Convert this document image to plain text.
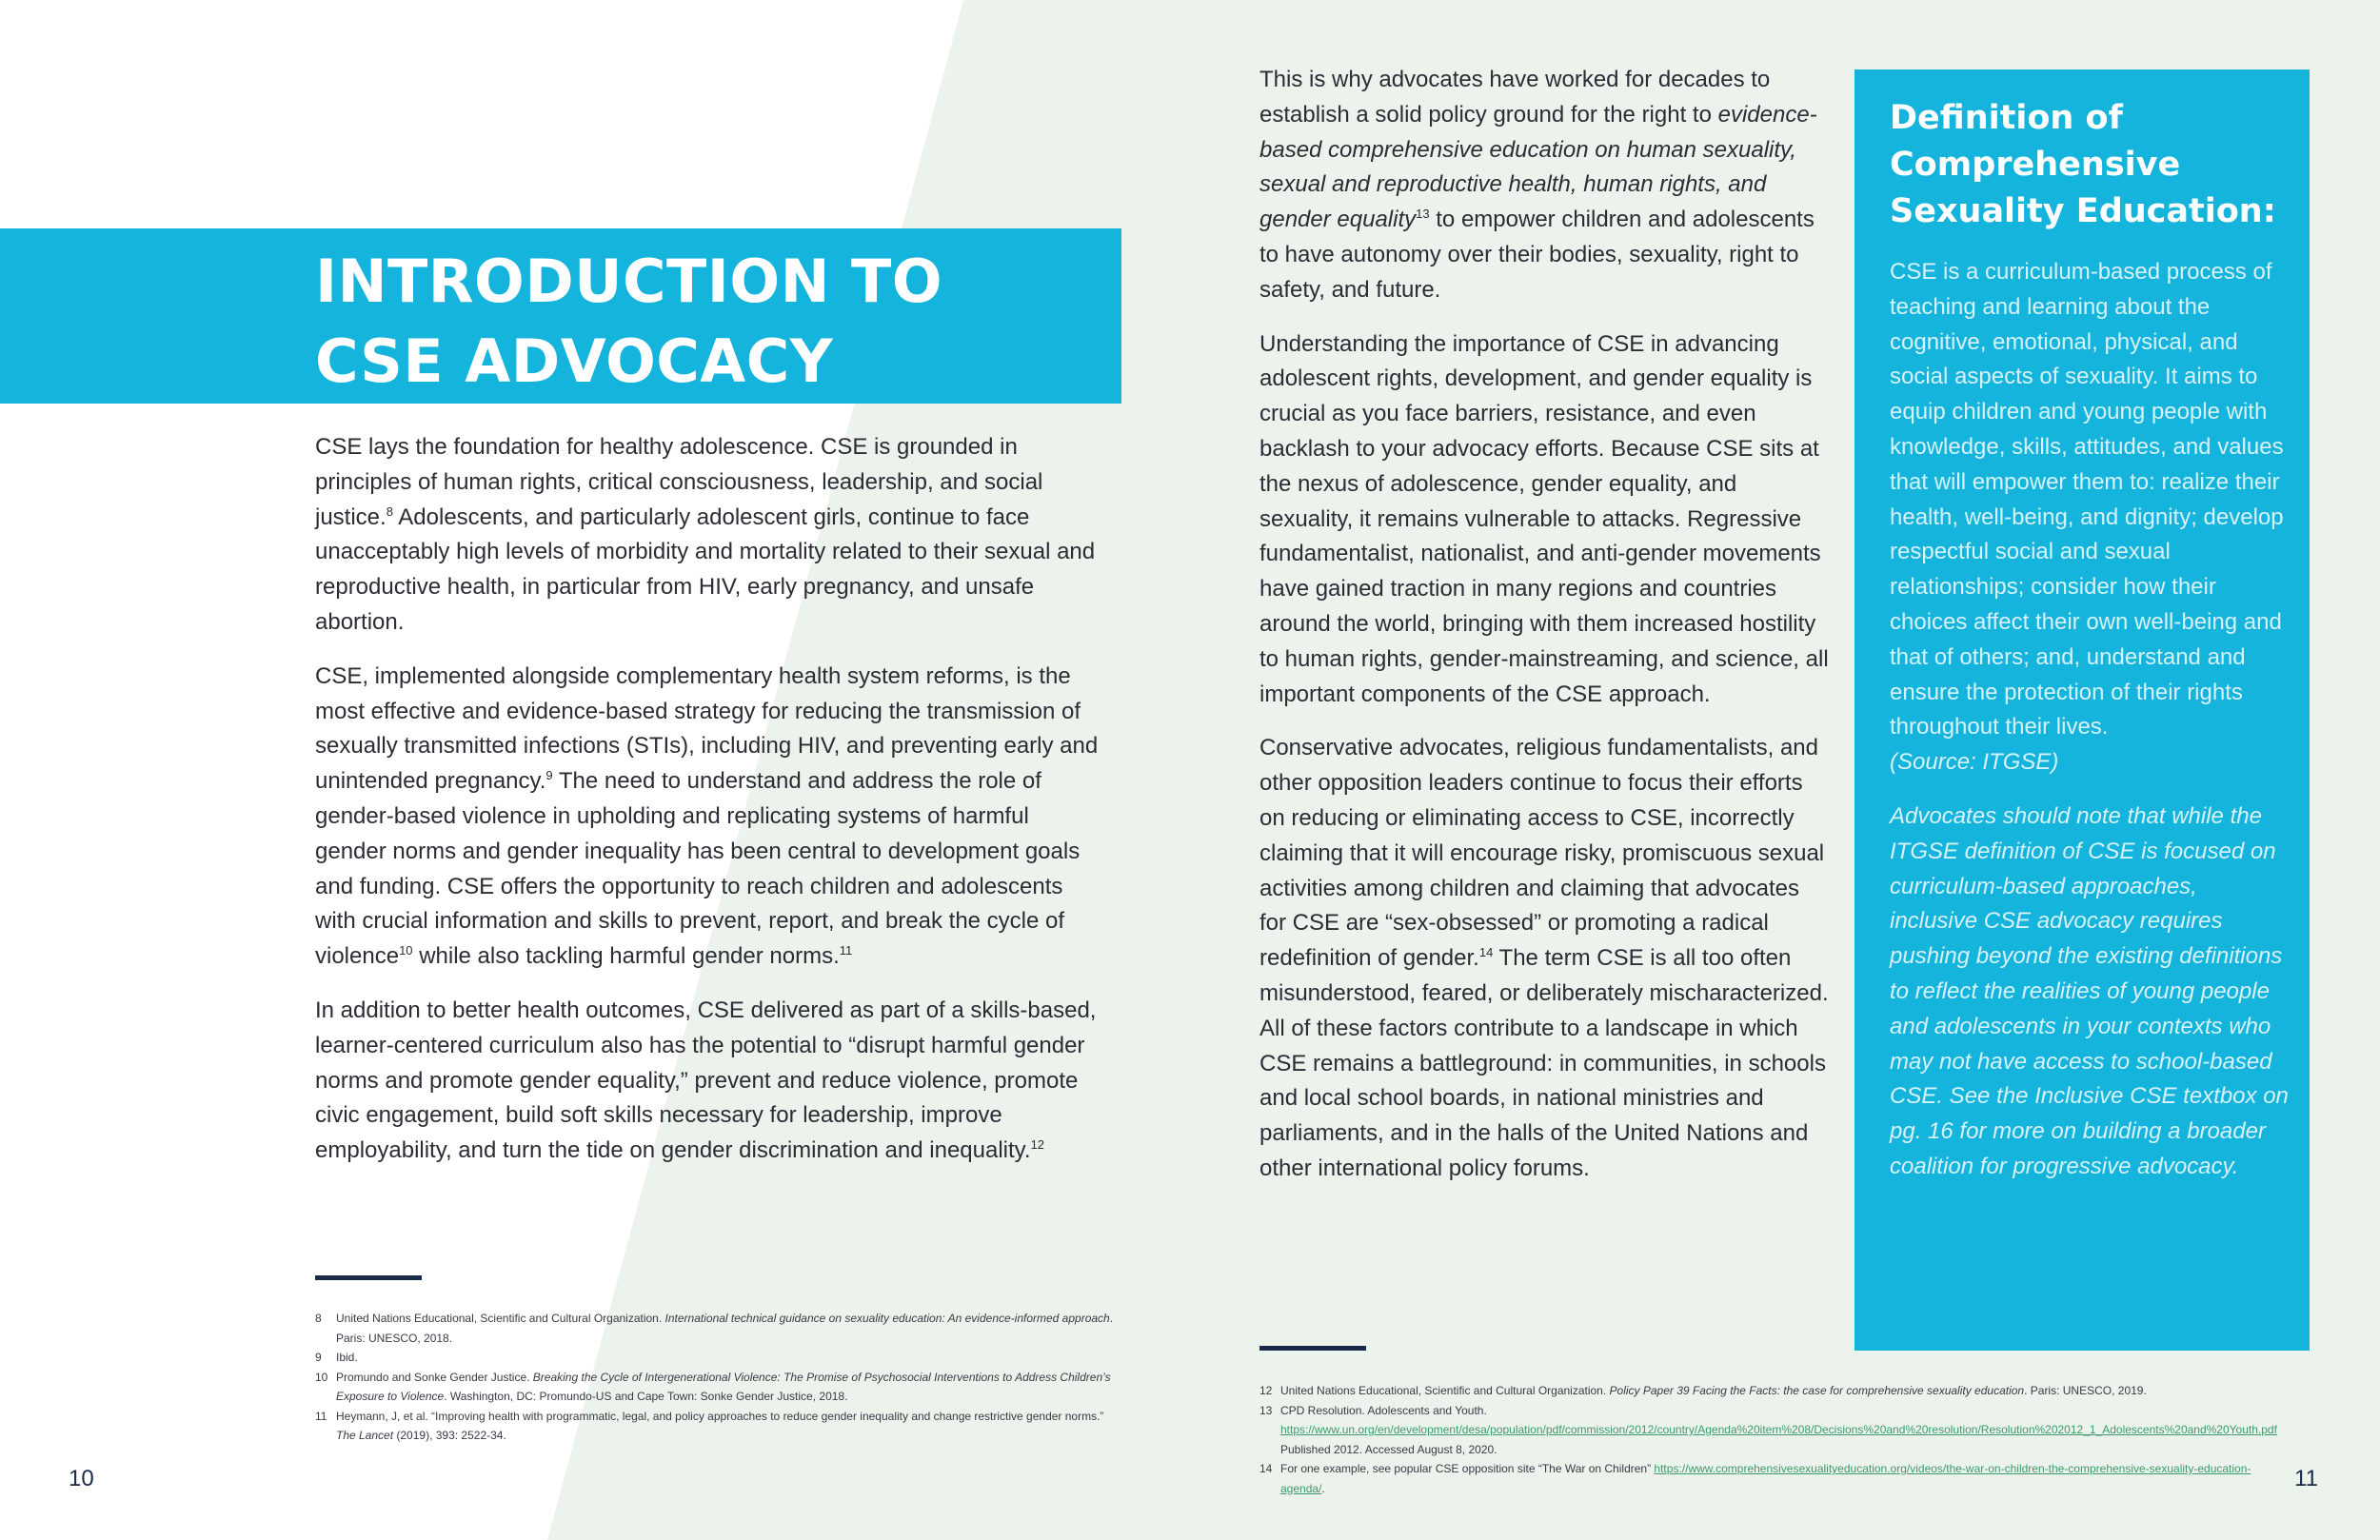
INTRODUCTION TO
CSE ADVOCACY

CSE lays the foundation for healthy adolescence. CSE is grounded in principles of human rights, critical consciousness, leadership, and social justice.$^8$ Adolescents, and particularly adolescent girls, continue to face unacceptably high levels of morbidity and mortality related to their sexual and reproductive health, in particular from HIV, early pregnancy, and unsafe abortion.

CSE, implemented alongside complementary health system reforms, is the most effective and evidence-based strategy for reducing the transmission of sexually transmitted infections (STIs), including HIV, and preventing early and unintended pregnancy.$^9$ The need to understand and address the role of gender-based violence in upholding and replicating systems of harmful gender norms and gender inequality has been central to development goals and funding. CSE offers the opportunity to reach children and adolescents with crucial information and skills to prevent, report, and break the cycle of violence$^{10}$ while also tackling harmful gender norms.$^{11}$

In addition to better health outcomes, CSE delivered as part of a skills-based, learner-centered curriculum also has the potential to “disrupt harmful gender norms and promote gender equality,” prevent and reduce violence, promote civic engagement, build soft skills necessary for leadership, improve employability, and turn the tide on gender discrimination and inequality.$^{12}$

8	United Nations Educational, Scientific and Cultural Organization. International technical guidance on sexuality education: An evidence-informed approach. Paris: UNESCO, 2018.
9	Ibid.
10 Promundo and Sonke Gender Justice. Breaking the Cycle of Intergenerational Violence: The Promise of Psychosocial Interventions to Address Children’s Exposure to Violence. Washington, DC: Promundo-US and Cape Town: Sonke Gender Justice, 2018.
11 Heymann, J, et al. “Improving health with programmatic, legal, and policy approaches to reduce gender inequality and change restrictive gender norms.” The Lancet (2019), 393: 2522-34.
10

This is why advocates have worked for decades to establish a solid policy ground for the right to evidence-based comprehensive education on human sexuality, sexual and reproductive health, human rights, and gender equality$^{13}$ to empower children and adolescents to have autonomy over their bodies, sexuality, right to safety, and future.

Understanding the importance of CSE in advancing adolescent rights, development, and gender equality is crucial as you face barriers, resistance, and even backlash to your advocacy efforts. Because CSE sits at the nexus of adolescence, gender equality, and sexuality, it remains vulnerable to attacks. Regressive fundamentalist, nationalist, and anti-gender movements have gained traction in many regions and countries around the world, bringing with them increased hostility to human rights, gender-mainstreaming, and science, all important components of the CSE approach.

Conservative advocates, religious fundamentalists, and other opposition leaders continue to focus their efforts on reducing or eliminating access to CSE, incorrectly claiming that it will encourage risky, promiscuous sexual activities among children and claiming that advocates for CSE are “sex-obsessed” or promoting a radical redefinition of gender.$^{14}$ The term CSE is all too often misunderstood, feared, or deliberately mischaracterized. All of these factors contribute to a landscape in which CSE remains a battleground: in communities, in schools and local school boards, in national ministries and parliaments, and in the halls of the United Nations and other international policy forums.

12 United Nations Educational, Scientific and Cultural Organization. Policy Paper 39 Facing the Facts: the case for comprehensive sexuality education. Paris: UNESCO, 2019.
13 CPD Resolution. Adolescents and Youth. https://www.un.org/en/development/desa/population/pdf/commission/2012/country/Agenda%20item%208/Decisions%20and%20resolution/Resolution%202012_1_Adolescents%20and%20Youth.pdf Published 2012. Accessed August 8, 2020.
14 For one example, see popular CSE opposition site “The War on Children” https://www.comprehensivesexualityeducation.org/videos/the-war-on-children-the-comprehensive-sexuality-education-agenda/.	11
Definition of
Comprehensive
Sexuality Education:

CSE is a curriculum-based process of teaching and learning about the cognitive, emotional, physical, and social aspects of sexuality. It aims to equip children and young people with knowledge, skills, attitudes, and values that will empower them to: realize their health, well-being, and dignity; develop respectful social and sexual relationships; consider how their choices affect their own well-being and that of others; and, understand and ensure the protection of their rights throughout their lives.
(Source: ITGSE)

Advocates should note that while the ITGSE definition of CSE is focused on curriculum-based approaches, inclusive CSE advocacy requires pushing beyond the existing definitions to reflect the realities of young people and adolescents in your contexts who may not have access to school-based CSE. See the Inclusive CSE textbox on pg. 16 for more on building a broader coalition for progressive advocacy.
